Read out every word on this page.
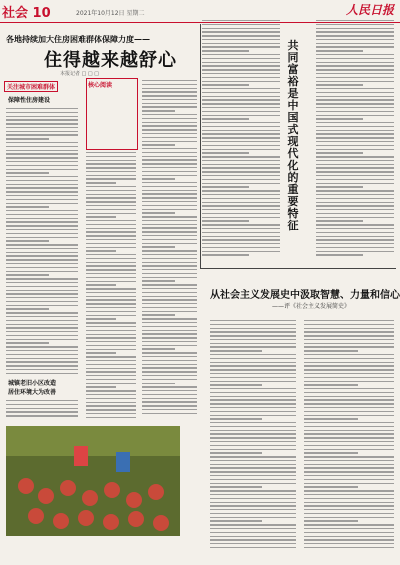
社会 10	2021年10月12日 星期二	人民日报
各地持续加大住房困难群体保障力度——
住得越来越舒心
本报记者 □ □ □
关注城市困难群体
保障性住房建设
城镇老旧小区改造
居住环境大为改善
核心阅读
共
同
富
裕
是
中
国
式
现
代
化
的
重
要
特
征
从社会主义发展史中汲取智慧、力量和信心
——评《社会主义发展简史》
